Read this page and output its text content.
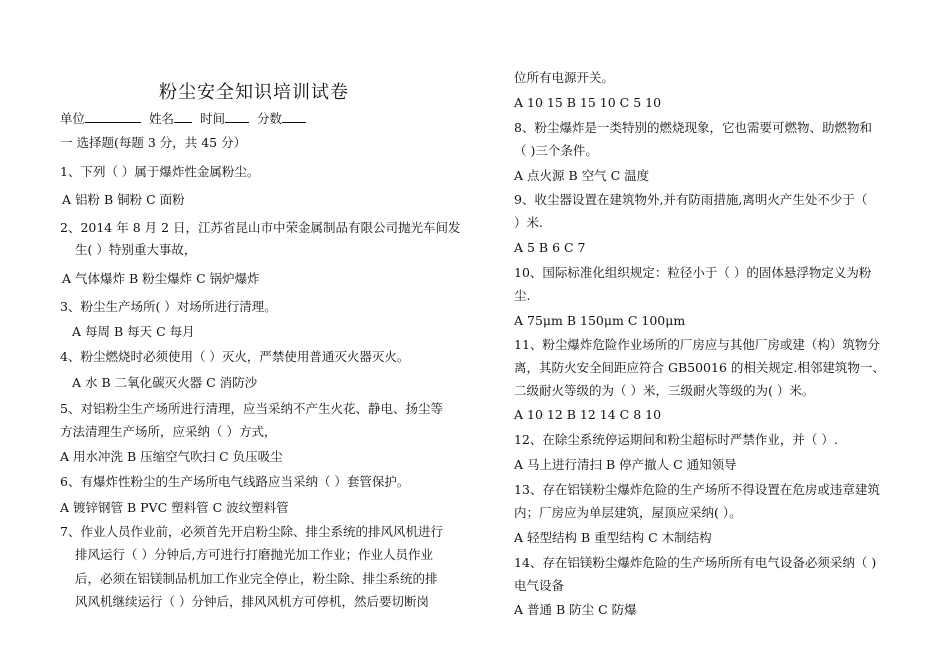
粉尘安全知识培训试卷
单位	姓名 时间	分数
一 选择题(每题 3 分，共 45 分）
1、下列（ ）属于爆炸性金属粉尘。
A 铝粉 B 铜粉 C 面粉
2、2014 年 8 月 2 日，江苏省昆山市中荣金属制品有限公司抛光车间发
生( ）特别重大事故，
A 气体爆炸 B 粉尘爆炸 C 锅炉爆炸
3、粉尘生产场所( ）对场所进行清理。
A 每周 B 每天 C 每月
4、粉尘燃烧时必须使用（ ）灭火，严禁使用普通灭火器灭火。
A 水 B 二氧化碳灭火器 C 消防沙
5、对铝粉尘生产场所进行清理，应当采纳不产生火花、静电、扬尘等
方法清理生产场所，应采纳（ ）方式，
A 用水冲洗 B 压缩空气吹扫 C 负压吸尘
6、有爆炸性粉尘的生产场所电气线路应当采纳（ ）套管保护。
A 镀锌钢管 B PVC 塑料管 C 波纹塑料管
7、作业人员作业前，必须首先开启粉尘除、排尘系统的排风风机进行
排风运行（ ）分钟后,方可进行打磨抛光加工作业；作业人员作业
后，必须在铝镁制品机加工作业完全停止，粉尘除、排尘系统的排
风风机继续运行（ ）分钟后，排风风机方可停机，然后要切断岗
位所有电源开关。
A 10 15 B 15 10 C 5 10
8、粉尘爆炸是一类特别的燃烧现象，它也需要可燃物、助燃物和
（ )三个条件。
A 点火源 B 空气 C 温度
9、收尘器设置在建筑物外,并有防雨措施,离明火产生处不少于（
）米.
A 5 B 6 C 7
10、国际标准化组织规定：粒径小于（ ）的固体悬浮物定义为粉
尘.
A 75μm B 150μm C 100μm
11、粉尘爆炸危险作业场所的厂房应与其他厂房或建（构）筑物分
离，其防火安全间距应符合 GB50016 的相关规定.相邻建筑物一、
二级耐火等级的为（ ）米，三级耐火等级的为( ）米。
A 10 12 B 12 14 C 8 10
12、在除尘系统停运期间和粉尘超标时严禁作业，并（ ）.
A 马上进行清扫 B 停产撤人 C 通知领导
13、存在铝镁粉尘爆炸危险的生产场所不得设置在危房或违章建筑
内；厂房应为单层建筑，屋顶应采纳( ）。
A 轻型结构 B 重型结构 C 木制结构
14、存在铝镁粉尘爆炸危险的生产场所所有电气设备必须采纳（ )
电气设备
A 普通 B 防尘 C 防爆
